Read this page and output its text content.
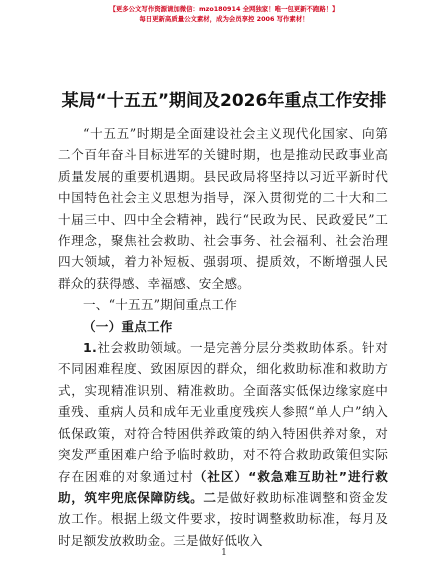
【更多公文写作资源请加微信：mzo180914 全网独家！唯一包更新不跑路！】
每日更新高质量公文素材，成为会员享控 2006 写作素材！
某局“十五五”期间及2026年重点工作安排

“十五五”时期是全面建设社会主义现代化国家、向第二个百年奋斗目标进军的关键时期，也是推动民政事业高质量发展的重要机遇期。县民政局将坚持以习近平新时代中国特色社会主义思想为指导，深入贯彻党的二十大和二十届三中、四中全会精神，践行“民政为民、民政爱民”工作理念，聚焦社会救助、社会事务、社会福利、社会治理四大领域，着力补短板、强弱项、提质效，不断增强人民群众的获得感、幸福感、安全感。

一、“十五五”期间重点工作

（一）重点工作

1.社会救助领域。一是完善分层分类救助体系。针对不同困难程度、致困原因的群众，细化救助标准和救助方式，实现精准识别、精准救助。全面落实低保边缘家庭中重残、重病人员和成年无业重度残疾人参照“单人户”纳入低保政策，对符合特困供养政策的纳入特困供养对象，对突发严重困难户给予临时救助，对不符合救助政策但实际存在困难的对象通过村（社区）“救急难互助社”进行救助，筑牢兜底保障防线。二是做好救助标准调整和资金发放工作。根据上级文件要求，按时调整救助标准，每月及时足额发放救助金。三是做好低收入

1
